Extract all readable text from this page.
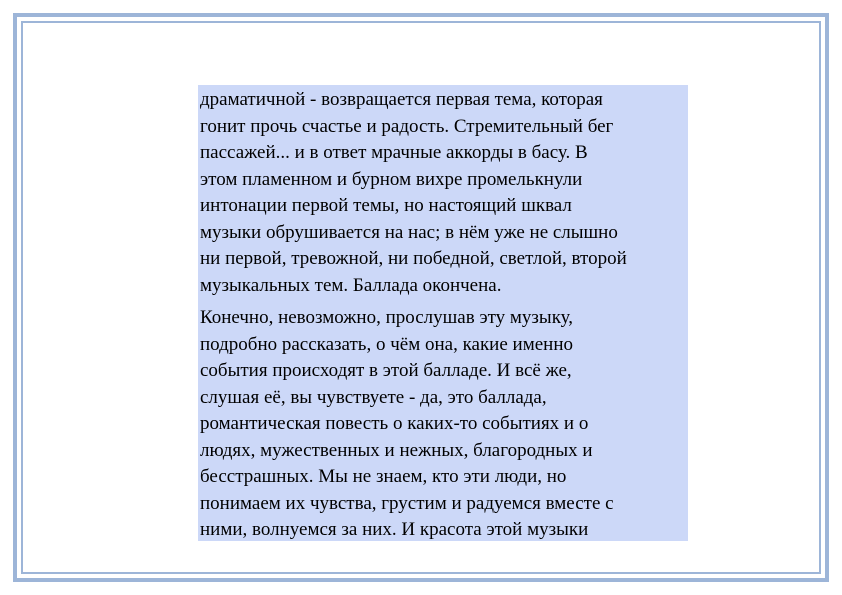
драматичной - возвращается первая тема, которая
гонит прочь счастье и радость. Стремительный бег
пассажей... и в ответ мрачные аккорды в басу. В
этом пламенном и бурном вихре промелькнули
интонации первой темы, но настоящий шквал
музыки обрушивается на нас; в нём уже не слышно
ни первой, тревожной, ни победной, светлой, второй
музыкальных тем. Баллада окончена.

Конечно, невозможно, прослушав эту музыку,
подробно рассказать, о чём она, какие именно
события происходят в этой балладе. И всё же,
слушая её, вы чувствуете - да, это баллада,
романтическая повесть о каких-то событиях и о
людях, мужественных и нежных, благородных и
бесстрашных. Мы не знаем, кто эти люди, но
понимаем их чувства, грустим и радуемся вместе с
ними, волнуемся за них. И красота этой музыки
